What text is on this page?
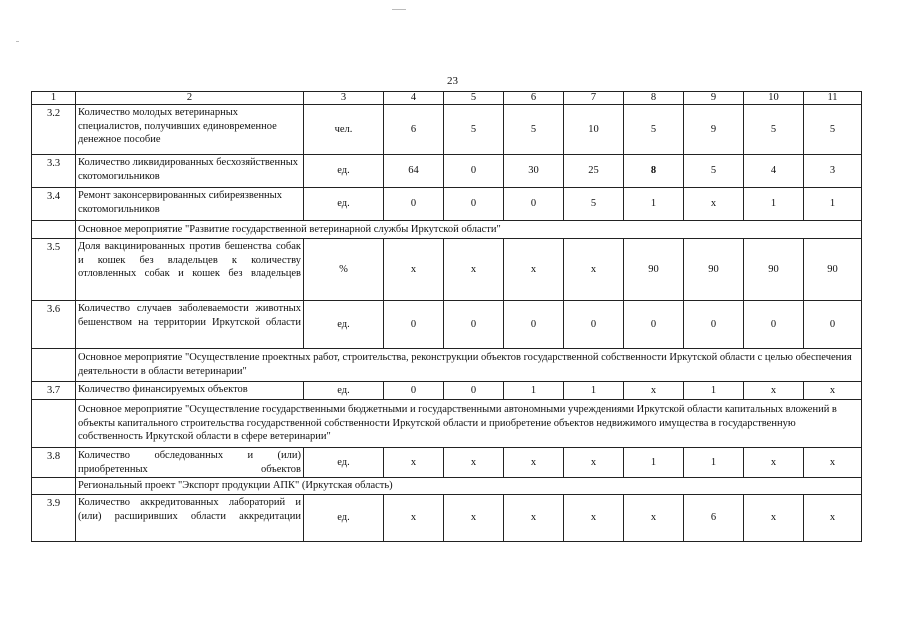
23
1	2	3	4	5	6	7	8	9	10	11
3.2	Количество молодых ветеринарных специалистов, получивших единовременное денежное пособие	чел.	6	5	5	10	5	9	5	5
3.3	Количество ликвидированных бесхозяйственных скотомогильников	ед.	64	0	30	25	8	5	4	3
3.4	Ремонт законсервированных сибиреязвенных скотомогильников	ед.	0	0	0	5	1	х	1	1
	Основное мероприятие "Развитие государственной ветеринарной службы Иркутской области"									
3.5	Доля вакцинированных против бешенства собак и кошек без владельцев к количеству отловленных собак и кошек без владельцев	%	х	х	х	х	90	90	90	90
3.6	Количество случаев заболеваемости животных бешенством на территории Иркутской области	ед.	0	0	0	0	0	0	0	0
	Основное мероприятие "Осуществление проектных работ, строительства, реконструкции объектов государственной собственности Иркутской области с целью обеспечения деятельности в области ветеринарии"									
3.7	Количество финансируемых объектов	ед.	0	0	1	1	х	1	х	х
	Основное мероприятие "Осуществление государственными бюджетными и государственными автономными учреждениями Иркутской области капитальных вложений в объекты капитального строительства государственной собственности Иркутской области и приобретение объектов недвижимого имущества в государственную собственность Иркутской области в сфере ветеринарии"									
3.8	Количество обследованных и (или) приобретенных объектов	ед.	х	х	х	х	1	1	х	х
	Региональный проект "Экспорт продукции АПК" (Иркутская область)									
3.9	Количество аккредитованных лабораторий и (или) расширивших области аккредитации	ед.	х	х	х	х	х	6	х	х
